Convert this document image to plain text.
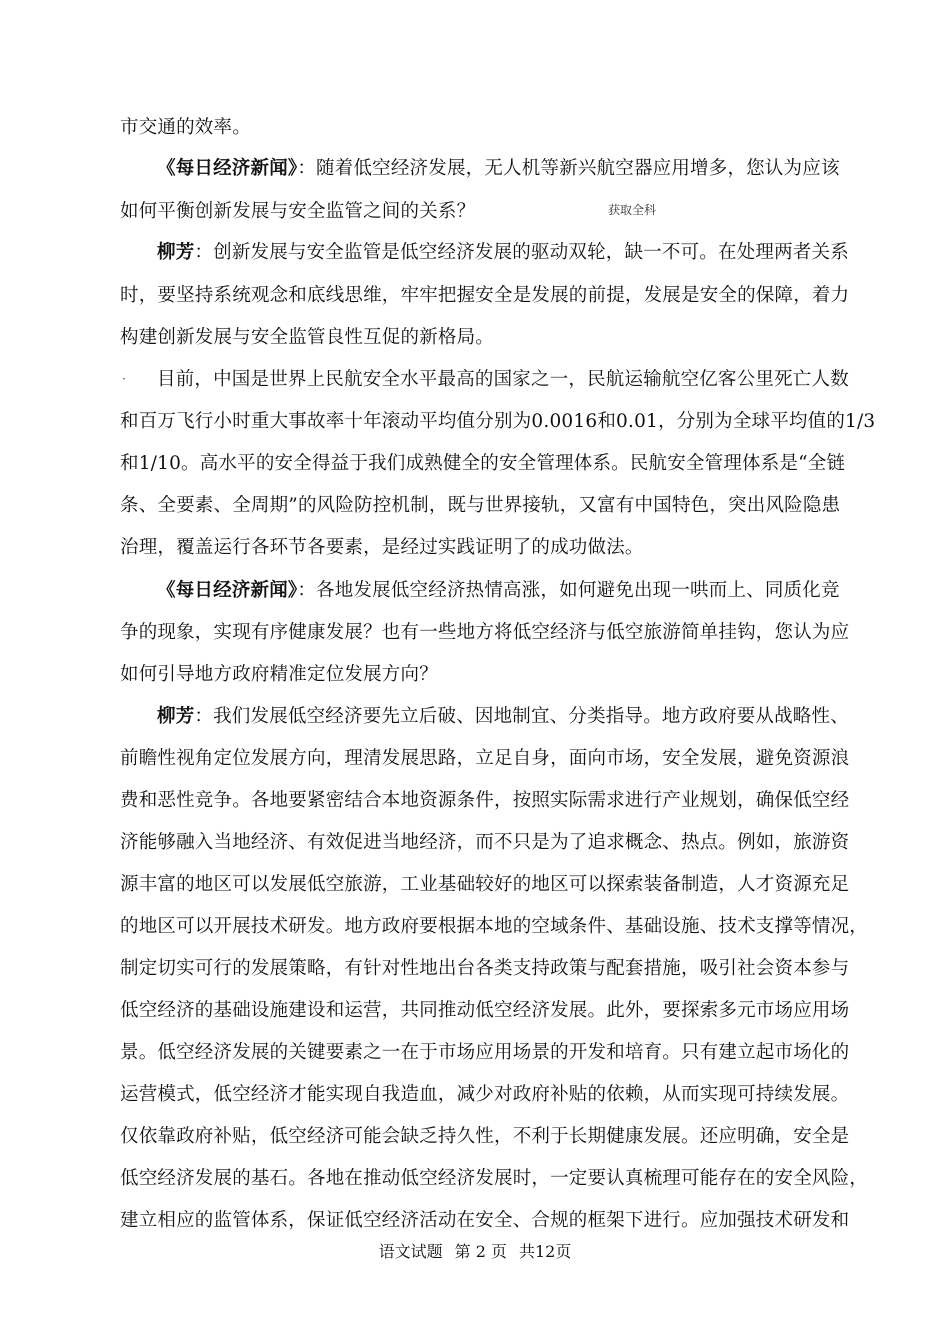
获取全科
·
市交通的效率。
《每日经济新闻》：随着低空经济发展，无人机等新兴航空器应用增多，您认为应该
如何平衡创新发展与安全监管之间的关系？
柳芳：创新发展与安全监管是低空经济发展的驱动双轮，缺一不可。在处理两者关系
时，要坚持系统观念和底线思维，牢牢把握安全是发展的前提，发展是安全的保障，着力
构建创新发展与安全监管良性互促的新格局。
目前，中国是世界上民航安全水平最高的国家之一，民航运输航空亿客公里死亡人数
和百万飞行小时重大事故率十年滚动平均值分别为0.0016和0.01，分别为全球平均值的1/3
和1/10。高水平的安全得益于我们成熟健全的安全管理体系。民航安全管理体系是“全链
条、全要素、全周期”的风险防控机制，既与世界接轨，又富有中国特色，突出风险隐患
治理，覆盖运行各环节各要素，是经过实践证明了的成功做法。
《每日经济新闻》：各地发展低空经济热情高涨，如何避免出现一哄而上、同质化竞
争的现象，实现有序健康发展？也有一些地方将低空经济与低空旅游简单挂钩，您认为应
如何引导地方政府精准定位发展方向？
柳芳：我们发展低空经济要先立后破、因地制宜、分类指导。地方政府要从战略性、
前瞻性视角定位发展方向，理清发展思路，立足自身，面向市场，安全发展，避免资源浪
费和恶性竞争。各地要紧密结合本地资源条件，按照实际需求进行产业规划，确保低空经
济能够融入当地经济、有效促进当地经济，而不只是为了追求概念、热点。例如，旅游资
源丰富的地区可以发展低空旅游，工业基础较好的地区可以探索装备制造，人才资源充足
的地区可以开展技术研发。地方政府要根据本地的空域条件、基础设施、技术支撑等情况，
制定切实可行的发展策略，有针对性地出台各类支持政策与配套措施，吸引社会资本参与
低空经济的基础设施建设和运营，共同推动低空经济发展。此外，要探索多元市场应用场
景。低空经济发展的关键要素之一在于市场应用场景的开发和培育。只有建立起市场化的
运营模式，低空经济才能实现自我造血，减少对政府补贴的依赖，从而实现可持续发展。
仅依靠政府补贴，低空经济可能会缺乏持久性，不利于长期健康发展。还应明确，安全是
低空经济发展的基石。各地在推动低空经济发展时，一定要认真梳理可能存在的安全风险，
建立相应的监管体系，保证低空经济活动在安全、合规的框架下进行。应加强技术研发和
语文试题 第 2 页 共12页
